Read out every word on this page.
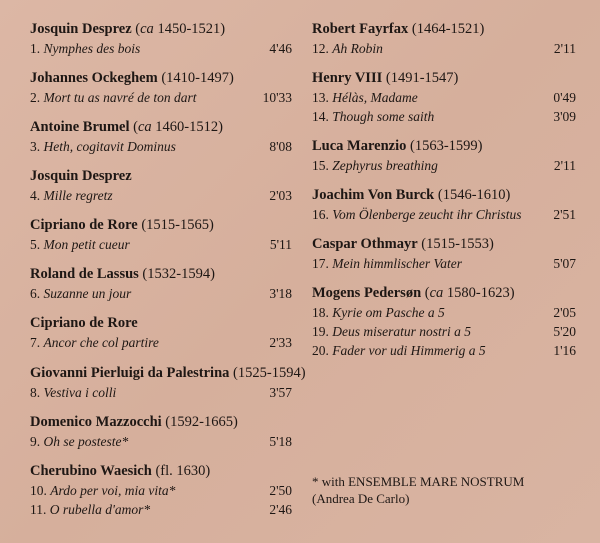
Josquin Desprez (ca 1450-1521)
1. Nymphes des bois	4'46
Johannes Ockeghem (1410-1497)
2. Mort tu as navré de ton dart	10'33
Antoine Brumel (ca 1460-1512)
3. Heth, cogitavit Dominus	8'08
Josquin Desprez
4. Mille regretz	2'03
Cipriano de Rore (1515-1565)
5. Mon petit cueur	5'11
Roland de Lassus (1532-1594)
6. Suzanne un jour	3'18
Cipriano de Rore
7. Ancor che col partire	2'33
Giovanni Pierluigi da Palestrina (1525-1594)
8. Vestiva i colli	3'57
Domenico Mazzocchi (1592-1665)
9. Oh se posteste*	5'18
Cherubino Waesich (fl. 1630)
10. Ardo per voi, mia vita*	2'50
11. O rubella d'amor*	2'46
Robert Fayrfax (1464-1521)
12. Ah Robin	2'11
Henry VIII (1491-1547)
13. Hélàs, Madame	0'49
14. Though some saith	3'09
Luca Marenzio (1563-1599)
15. Zephyrus breathing	2'11
Joachim Von Burck (1546-1610)
16. Vom Ölenberge zeucht ihr Christus 2'51
Caspar Othmayr (1515-1553)
17. Mein himmlischer Vater	5'07
Mogens Pedersøn (ca 1580-1623)
18. Kyrie om Pasche a 5	2'05
19. Deus miseratur nostri a 5	5'20
20. Fader vor udi Himmerig a 5	1'16
* with ENSEMBLE MARE NOSTRUM
(Andrea De Carlo)
